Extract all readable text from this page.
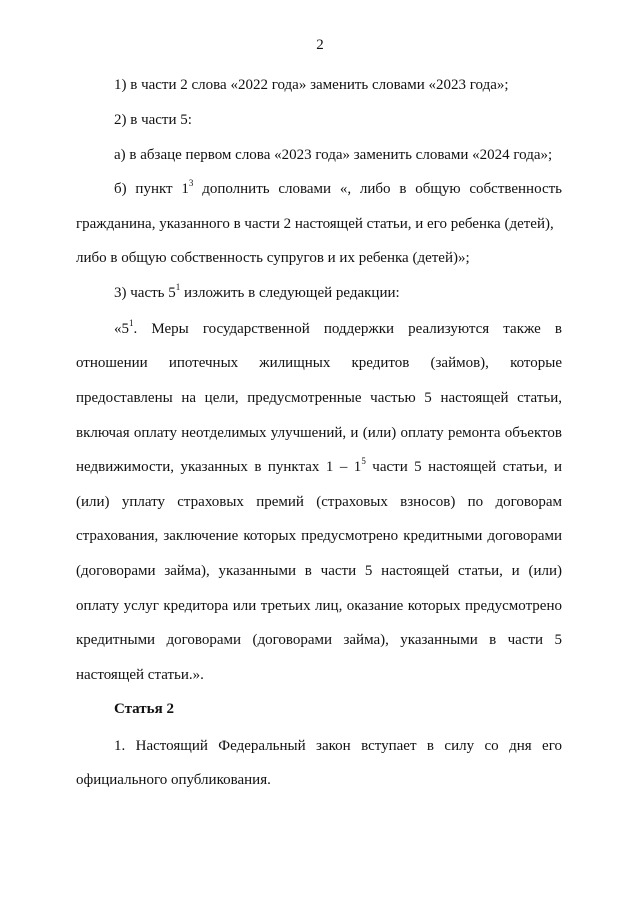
2
1) в части 2 слова «2022 года» заменить словами «2023 года»;
2) в части 5:
а) в абзаце первом слова «2023 года» заменить словами «2024 года»;
б) пункт $1^3$ дополнить словами «, либо в общую собственность
гражданина, указанного в части 2 настоящей статьи, и его ребенка (детей),
либо в общую собственность супругов и их ребенка (детей)»;
3) часть $5^1$ изложить в следующей редакции:
«$5^1$. Меры государственной поддержки реализуются также в
отношении ипотечных жилищных кредитов (займов), которые
предоставлены на цели, предусмотренные частью 5 настоящей статьи,
включая оплату неотделимых улучшений, и (или) оплату ремонта объектов
недвижимости, указанных в пунктах $1 - 1^5$ части 5 настоящей статьи, и
(или) уплату страховых премий (страховых взносов) по договорам
страхования, заключение которых предусмотрено кредитными договорами
(договорами займа), указанными в части 5 настоящей статьи, и (или)
оплату услуг кредитора или третьих лиц, оказание которых предусмотрено
кредитными договорами (договорами займа), указанными в части 5
настоящей статьи.».
Статья 2
1. Настоящий Федеральный закон вступает в силу со дня его
официального опубликования.
